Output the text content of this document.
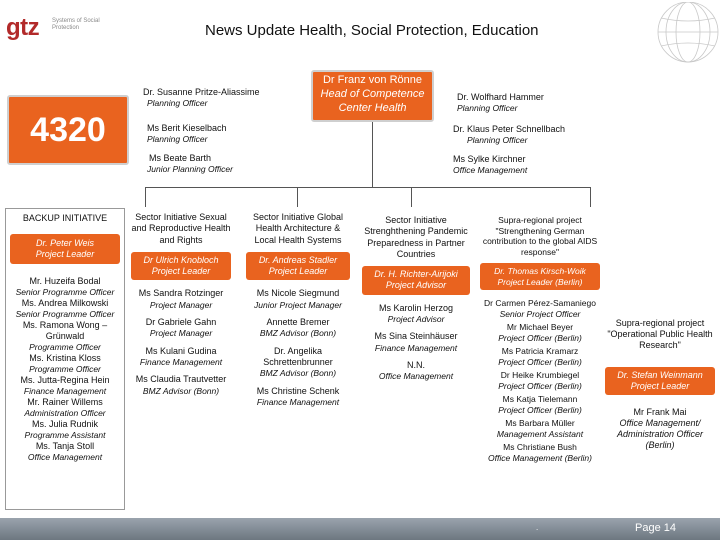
gtz Systems of Social Protection	News Update Health, Social Protection, Education
4320
Dr Franz von Rönne
Head of Competence Center Health
Dr. Susanne Pritze-Aliassime
Planning Officer
Ms Berit Kieselbach
Planning Officer
Ms Beate Barth
Junior Planning Officer
Dr. Wolfhard Hammer
Planning Officer
Dr. Klaus Peter Schnellbach
Planning Officer
Ms Sylke Kirchner
Office Management
BACKUP INITIATIVE
Dr. Peter Weis
Project Leader
Mr. Huzeifa Bodal
Senior Programme Officer
Ms. Andrea Milkowski
Senior Programme Officer
Ms. Ramona Wong – Grünwald
Programme Officer
Ms. Kristina Kloss
Programme Officer
Ms. Jutta-Regina Hein
Finance Management
Mr. Rainer Willems
Administration Officer
Ms. Julia Rudnik
Programme Assistant
Ms. Tanja Stoll
Office Management
Sector Initiative Sexual and Reproductive Health and Rights
Dr Ulrich Knobloch Project Leader
Ms Sandra Rotzinger
Project Manager
Dr Gabriele Gahn
Project Manager
Ms Kulani Gudina
Finance Management
Ms Claudia Trautvetter
BMZ Advisor (Bonn)
Sector Initiative Global Health Architecture & Local Health Systems
Dr. Andreas Stadler Project Leader
Ms Nicole Siegmund
Junior Project Manager
Annette Bremer
BMZ Advisor (Bonn)
Dr. Angelika Schrettenbrunner
BMZ Advisor (Bonn)
Ms Christine Schenk
Finance Management
Sector Initiative Strenghthening Pandemic Preparedness in Partner Countries
Dr. H. Richter-Airijoki Project Advisor
Ms Karolin Herzog
Project Advisor
Ms Sina Steinhäuser
Finance Management
N.N.
Office Management
Supra-regional project "Strengthening German contribution to the global AIDS response"
Dr. Thomas Kirsch-Woik Project Leader (Berlin)
Dr Carmen Pérez-Samaniego
Senior Project Officer
Mr Michael Beyer
Project Officer (Berlin)
Ms Patricia Kramarz
Project Officer (Berlin)
Dr Heike Krumbiegel
Project Officer (Berlin)
Ms Katja Tielemann
Project Officer (Berlin)
Ms Barbara Müller
Management Assistant
Ms Christiane Bush
Office Management (Berlin)
Supra-regional project "Operational Public Health Research"
Dr. Stefan Weinmann Project Leader
Mr Frank Mai
Office Management/ Administration Officer (Berlin)
.	Page 14
